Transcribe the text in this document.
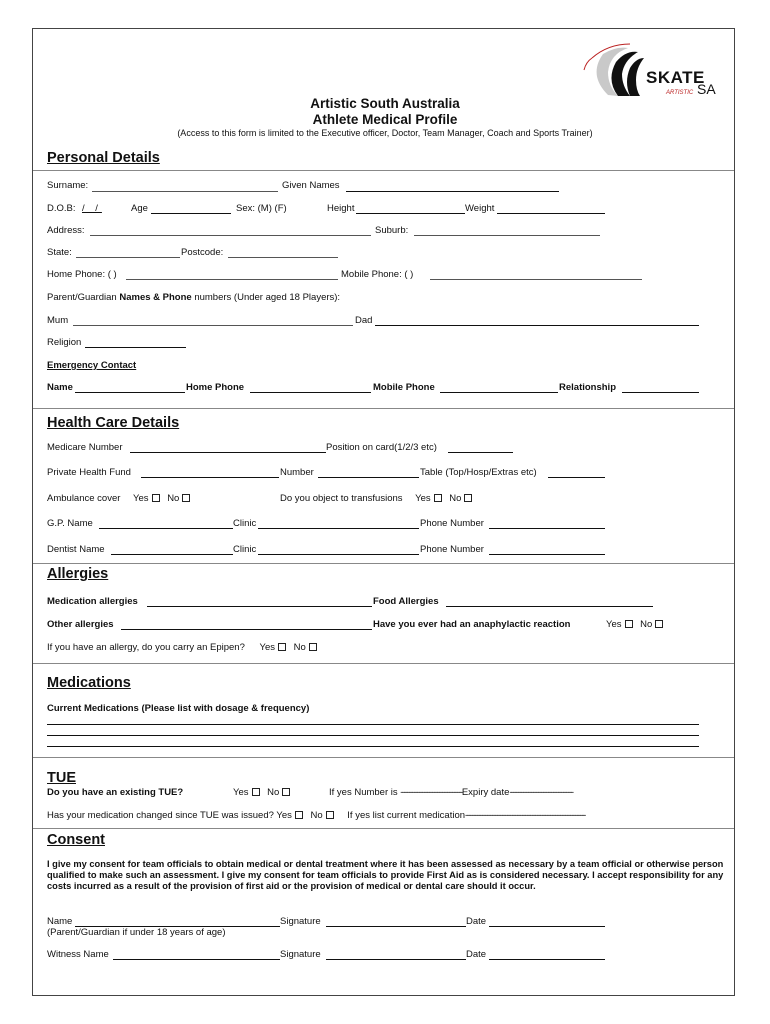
SKATE
ARTISTIC SA
Artistic South Australia
Athlete Medical Profile
(Access to this form is limited to the Executive officer, Doctor, Team Manager, Coach and Sports Trainer)
Personal Details
Surname:	Given Names
D.O.B: / /	Age	Sex: (M) (F)	Height	Weight
Address:	Suburb:
State:	Postcode:
Home Phone: ( )	Mobile Phone: ( )
Parent/Guardian Names & Phone numbers (Under aged 18 Players):
Mum	Dad
Religion
Emergency Contact
Name	Home Phone	Mobile Phone	Relationship
Health Care Details
Medicare Number	Position on card(1/2/3 etc)
Private Health Fund	Number	Table (Top/Hosp/Extras etc)
Ambulance cover Yes No	Do you object to transfusions Yes No
G.P. Name	Clinic	Phone Number
Dentist Name	Clinic	Phone Number
Allergies
Medication allergies	Food Allergies
Other allergies	Have you ever had an anaphylactic reaction	Yes No
If you have an allergy, do you carry an Epipen? Yes No
Medications
Current Medications (Please list with dosage & frequency)
TUE
Do you have an existing TUE?	Yes No	If yes Number is -------------------------------------Expiry date--------------------------------------
Has your medication changed since TUE was issued? Yes No	If yes list current medication------------------------------------------------------------------------
Consent
I give my consent for team officials to obtain medical or dental treatment where it has been assessed as necessary by a team official or otherwise person qualified to make such an assessment. I give my consent for team officials to provide First Aid as is considered necessary. I accept responsibility for any costs incurred as a result of the provision of first aid or the provision of medical or dental care should it occur.
Name	Signature	Date
(Parent/Guardian if under 18 years of age)
Witness Name	Signature	Date
